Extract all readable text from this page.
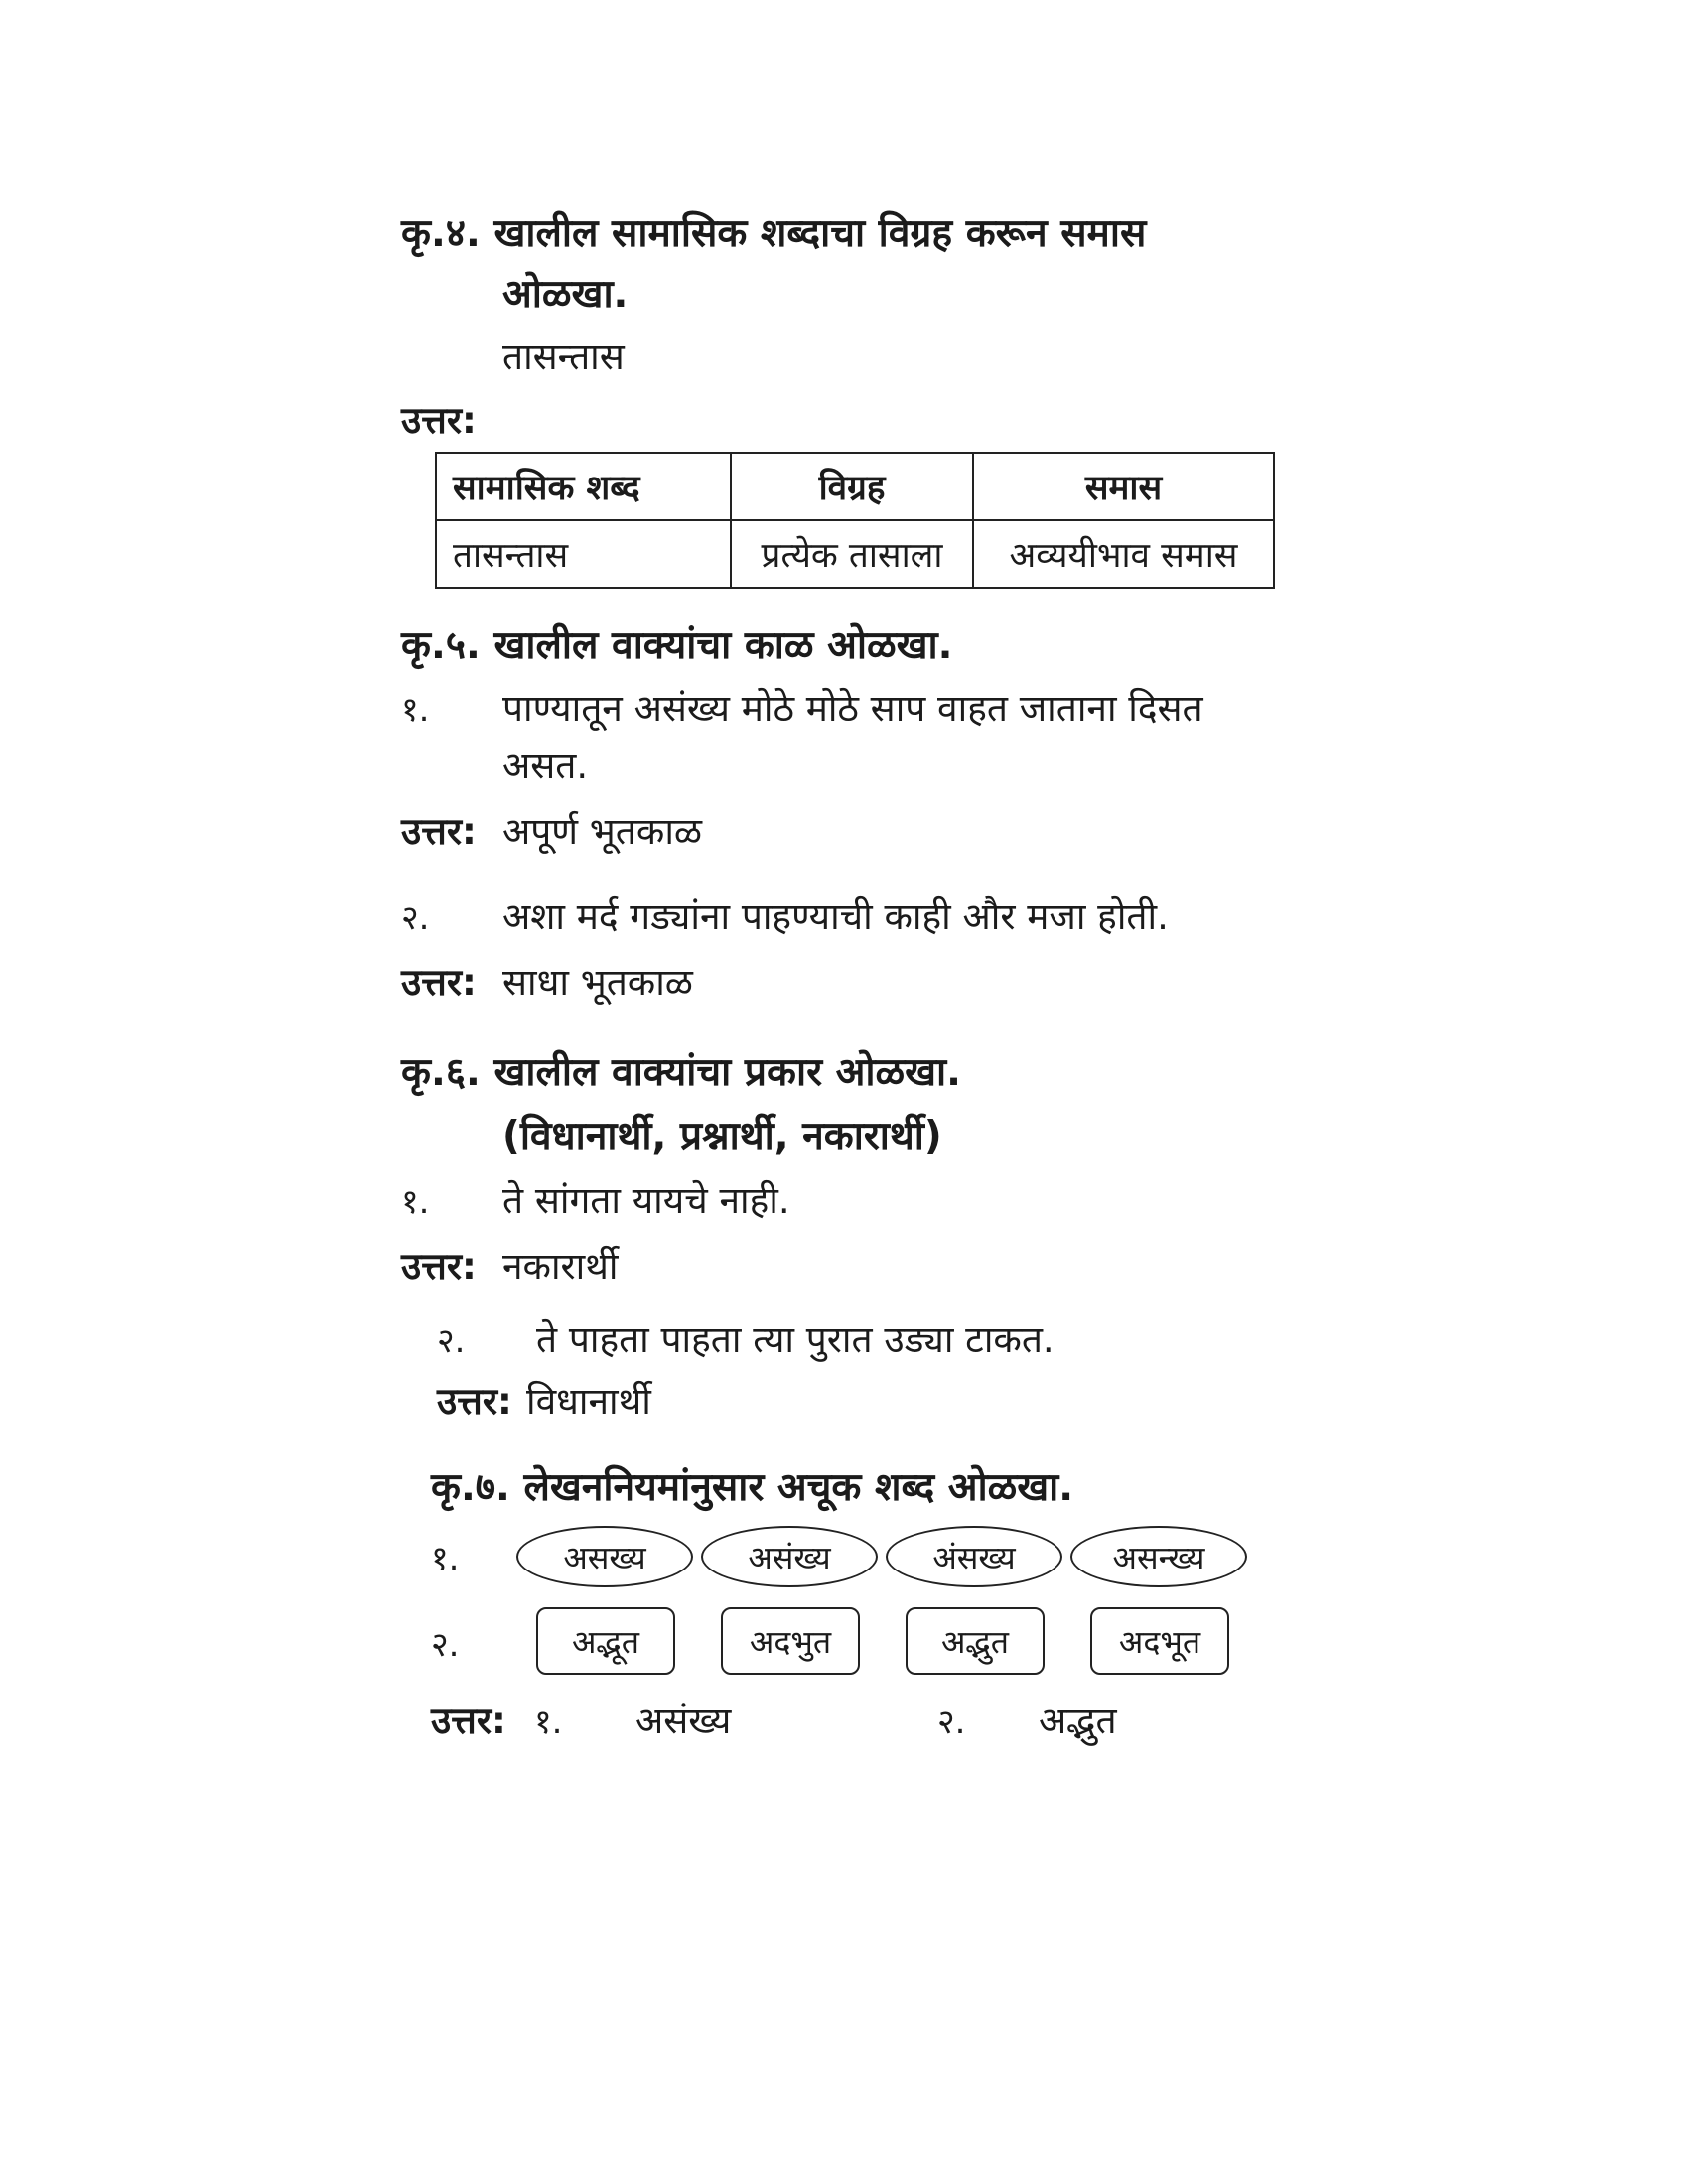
कृ.४. खालील सामासिक शब्दाचा विग्रह करून समास
ओळखा.
तासन्तास
उत्तर:
सामासिक शब्द	विग्रह	समास
तासन्तास	प्रत्येक तासाला	अव्ययीभाव समास
कृ.५. खालील वाक्यांचा काळ ओळखा.
१. पाण्यातून असंख्य मोठे मोठे साप वाहत जाताना दिसत
असत.
उत्तर: अपूर्ण भूतकाळ
२. अशा मर्द गड्यांना पाहण्याची काही और मजा होती.
उत्तर: साधा भूतकाळ
कृ.६. खालील वाक्यांचा प्रकार ओळखा.
(विधानार्थी, प्रश्नार्थी, नकारार्थी)
१. ते सांगता यायचे नाही.
उत्तर: नकारार्थी
२. ते पाहता पाहता त्या पुरात उड्या टाकत.
उत्तर: विधानार्थी
कृ.७. लेखननियमांनुसार अचूक शब्द ओळखा.
१.	असख्य	असंख्य	अंसख्य	असन्ख्य
२.	अद्भूत	अदभुत	अद्भुत	अदभूत
उत्तर: १. असंख्य	२. अद्भुत
